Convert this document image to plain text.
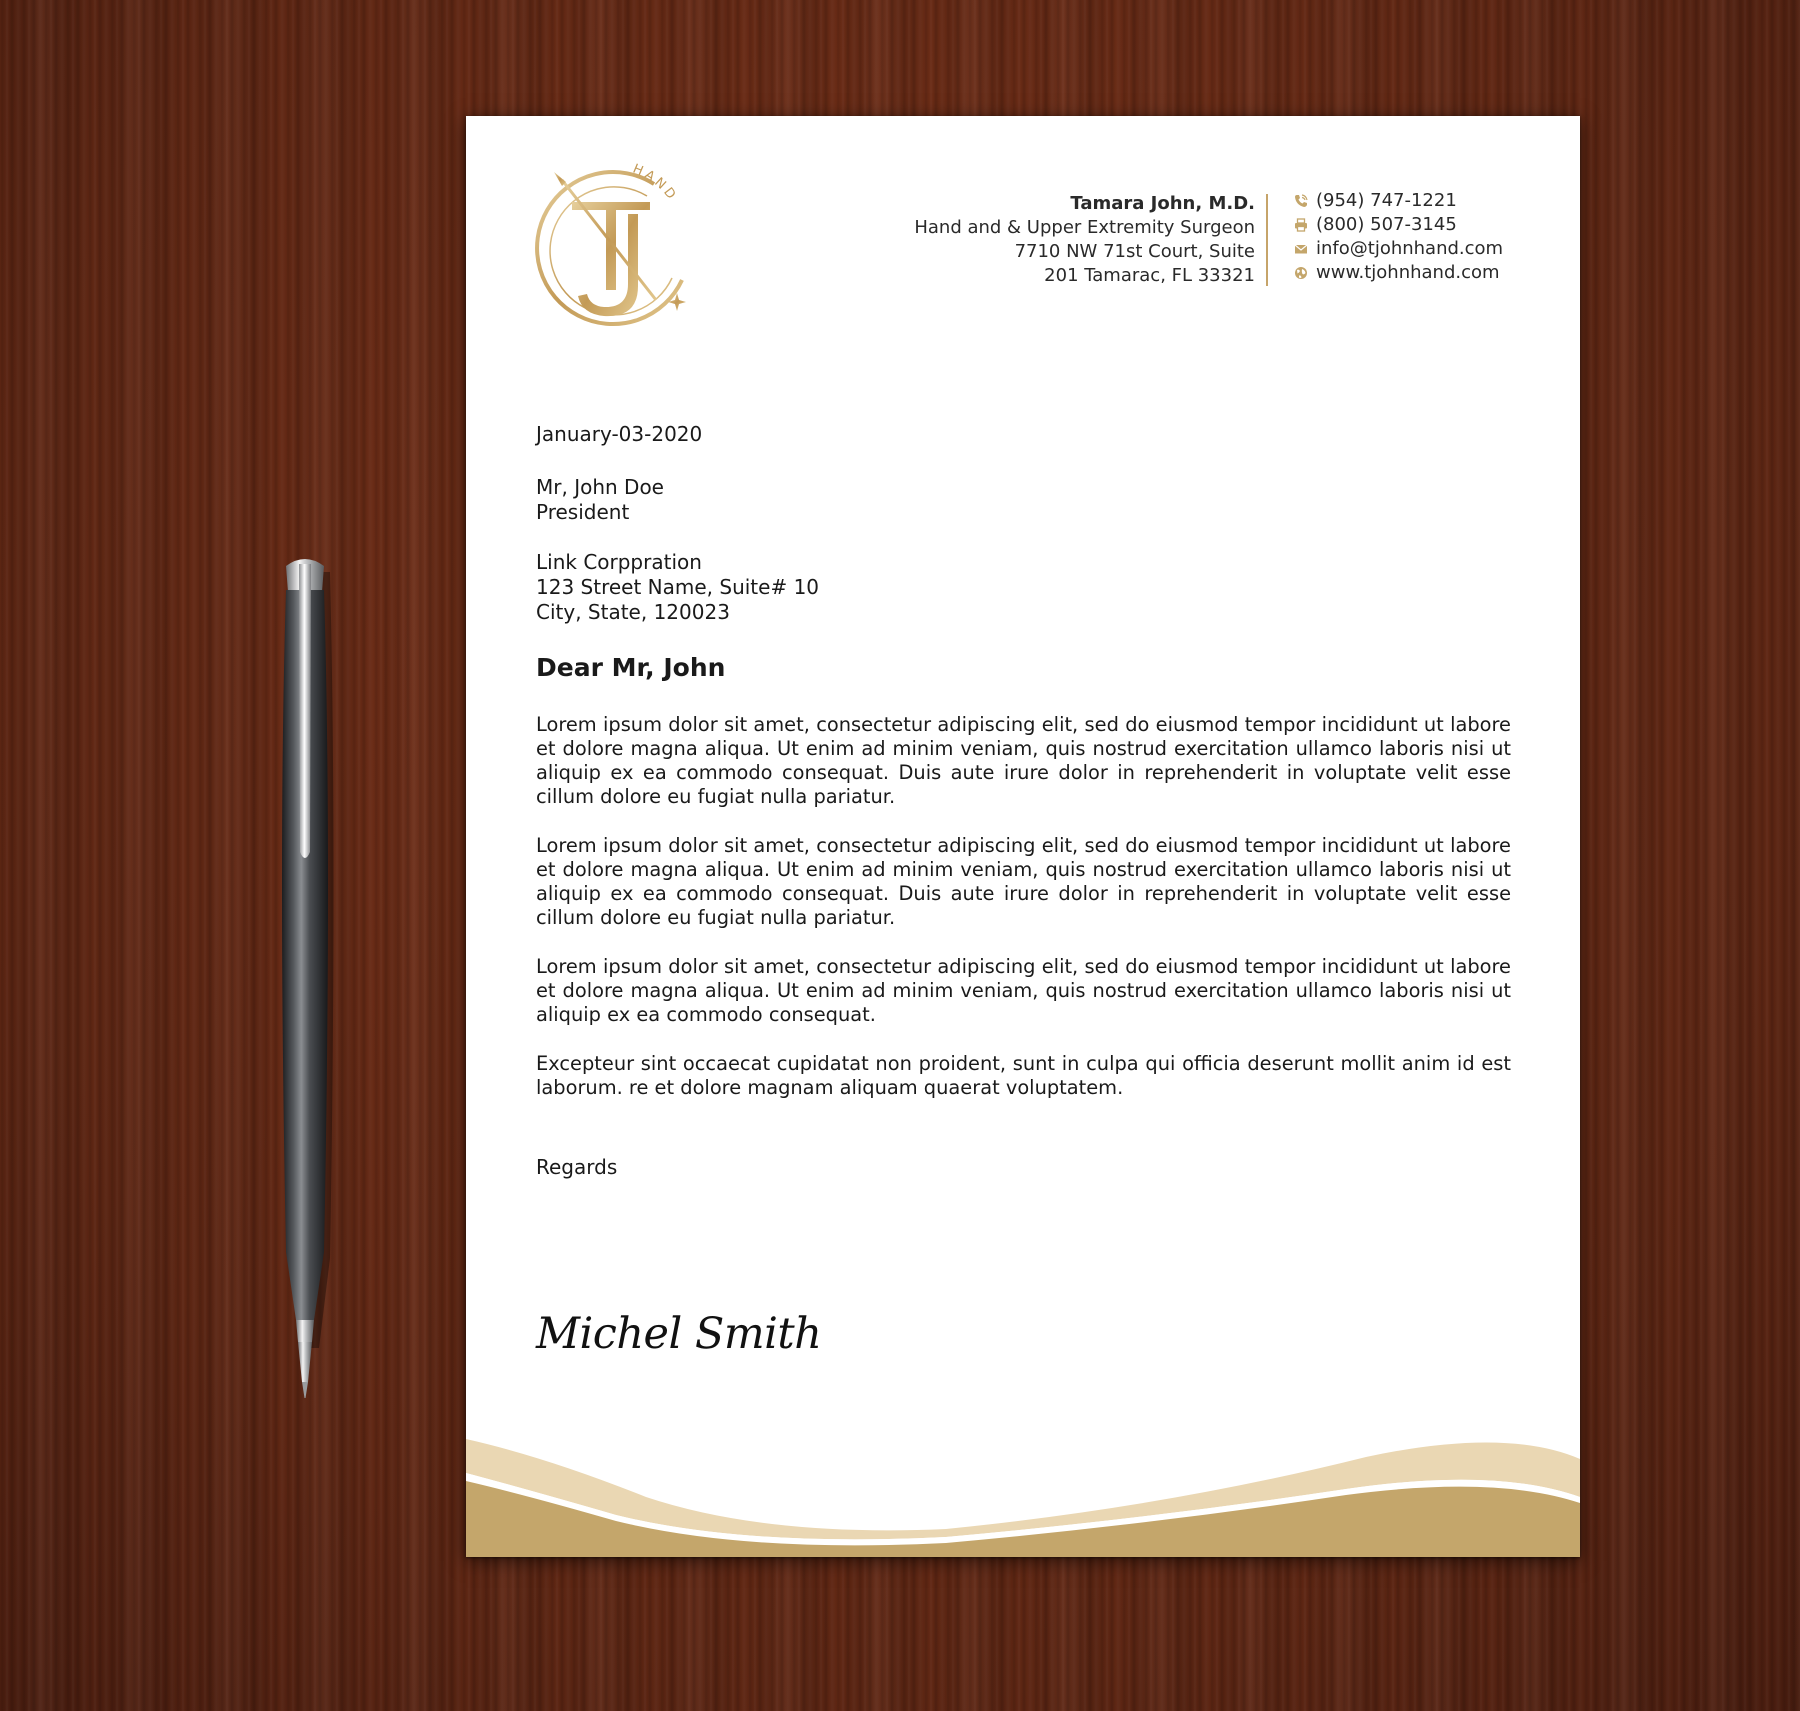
HAND	Tamara John, M.D.
Hand and & Upper Extremity Surgeon
7710 NW 71st Court, Suite
201 Tamarac, FL 33321
(954) 747-1221
(800) 507-3145
info@tjohnhand.com
www.tjohnhand.com
January-03-2020
Mr, John Doe
President
Link Corppration
123 Street Name, Suite# 10
City, State, 120023
Dear Mr, John
Lorem ipsum dolor sit amet, consectetur adipiscing elit, sed do eiusmod tempor incididunt ut labore et dolore magna aliqua. Ut enim ad minim veniam, quis nostrud exercitation ullamco laboris nisi ut aliquip ex ea commodo consequat. Duis aute irure dolor in reprehenderit in voluptate velit esse cillum dolore eu fugiat nulla pariatur.
Lorem ipsum dolor sit amet, consectetur adipiscing elit, sed do eiusmod tempor incididunt ut labore et dolore magna aliqua. Ut enim ad minim veniam, quis nostrud exercitation ullamco laboris nisi ut aliquip ex ea commodo consequat. Duis aute irure dolor in reprehenderit in voluptate velit esse cillum dolore eu fugiat nulla pariatur.
Lorem ipsum dolor sit amet, consectetur adipiscing elit, sed do eiusmod tempor incididunt ut labore et dolore magna aliqua. Ut enim ad minim veniam, quis nostrud exercitation ullamco laboris nisi ut aliquip ex ea commodo consequat.
Excepteur sint occaecat cupidatat non proident, sunt in culpa qui officia deserunt mollit anim id est laborum. re et dolore magnam aliquam quaerat voluptatem.
Regards
Michel Smith
